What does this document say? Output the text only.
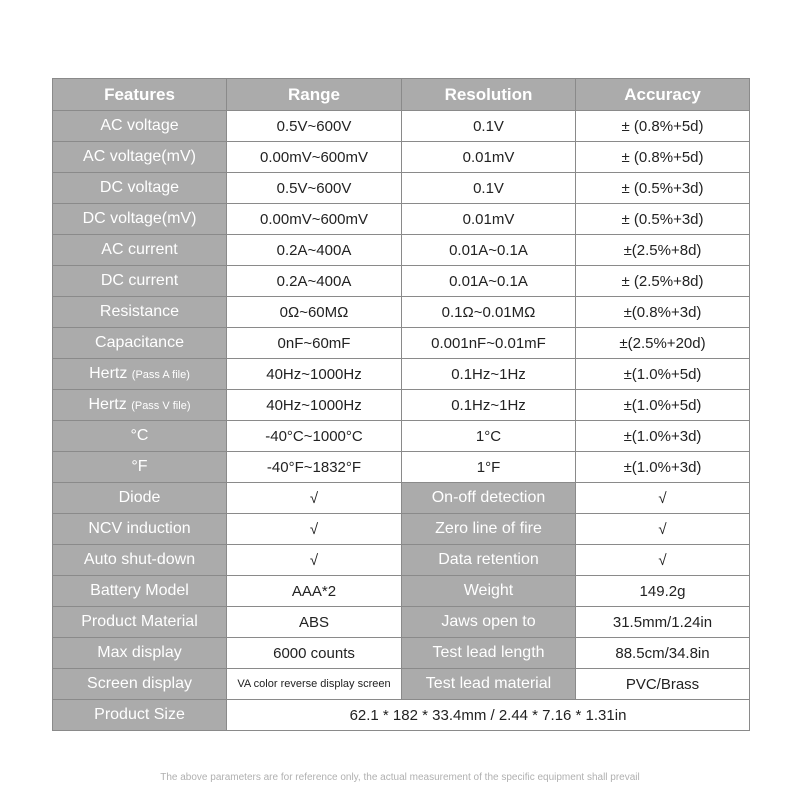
Features	Range	Resolution	Accuracy
AC voltage	0.5V~600V	0.1V	± (0.8%+5d)
AC voltage(mV)	0.00mV~600mV	0.01mV	± (0.8%+5d)
DC voltage	0.5V~600V	0.1V	± (0.5%+3d)
DC voltage(mV)	0.00mV~600mV	0.01mV	± (0.5%+3d)
AC current	0.2A~400A	0.01A~0.1A	±(2.5%+8d)
DC current	0.2A~400A	0.01A~0.1A	± (2.5%+8d)
Resistance	0Ω~60MΩ	0.1Ω~0.01MΩ	±(0.8%+3d)
Capacitance	0nF~60mF	0.001nF~0.01mF	±(2.5%+20d)
Hertz (Pass A file)	40Hz~1000Hz	0.1Hz~1Hz	±(1.0%+5d)
Hertz (Pass V file)	40Hz~1000Hz	0.1Hz~1Hz	±(1.0%+5d)
°C	-40°C~1000°C	1°C	±(1.0%+3d)
°F	-40°F~1832°F	1°F	±(1.0%+3d)
Diode	√	On-off detection	√
NCV induction	√	Zero line of fire	√
Auto shut-down	√	Data retention	√
Battery Model	AAA*2	Weight	149.2g
Product Material	ABS	Jaws open to	31.5mm/1.24in
Max display	6000 counts	Test lead length	88.5cm/34.8in
Screen display	VA color reverse display screen	Test lead material	PVC/Brass
Product Size	62.1 * 182 * 33.4mm / 2.44 * 7.16 * 1.31in		
The above parameters are for reference only, the actual measurement of the specific equipment shall prevail
